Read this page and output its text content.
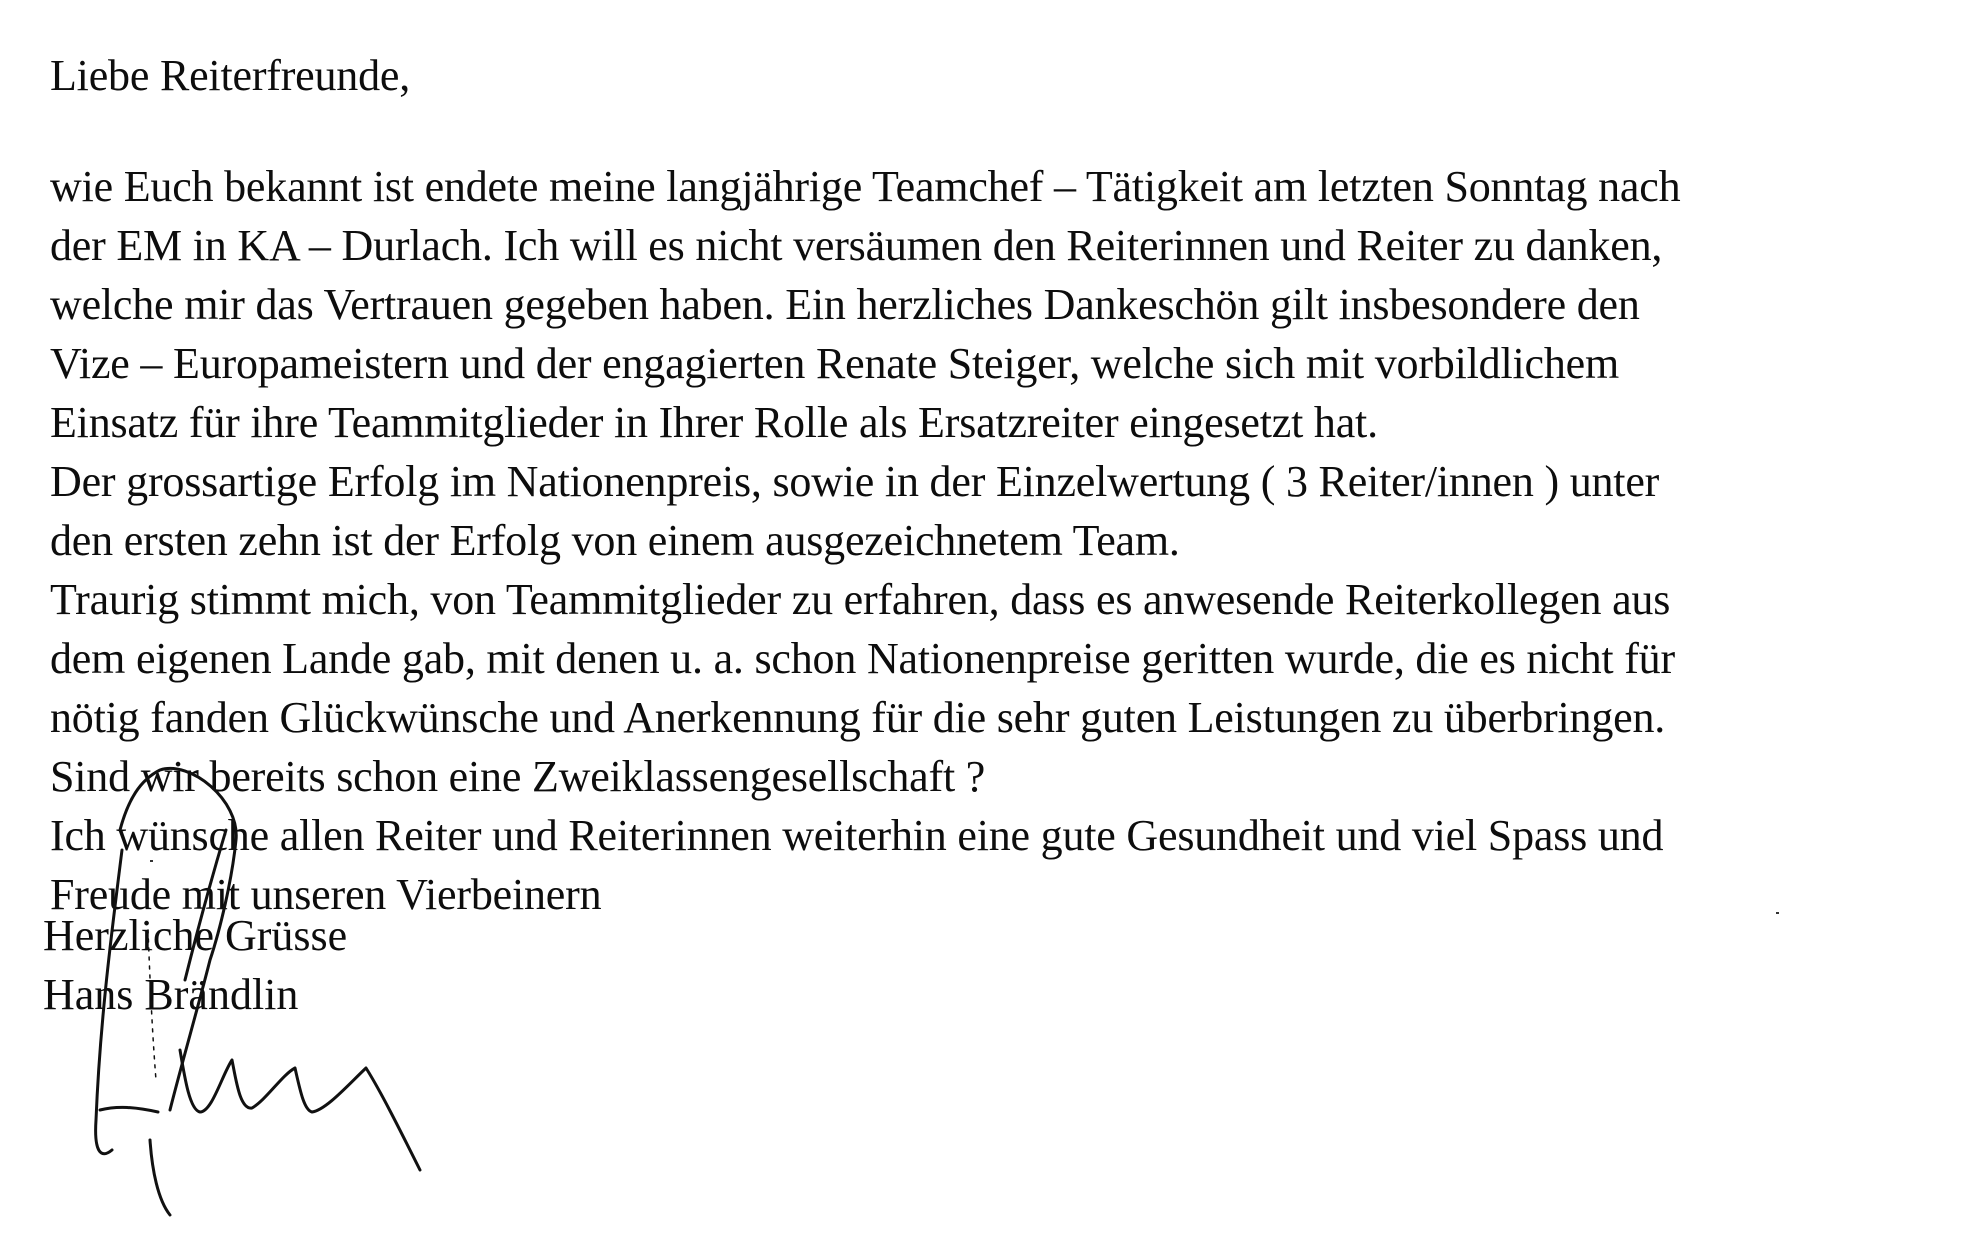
Liebe Reiterfreunde,
wie Euch bekannt ist endete meine langjährige Teamchef – Tätigkeit am letzten Sonntag nach
der EM in KA – Durlach. Ich will es nicht versäumen den Reiterinnen und Reiter zu danken,
welche mir das Vertrauen gegeben haben. Ein herzliches Dankeschön gilt insbesondere den
Vize – Europameistern und der engagierten Renate Steiger, welche sich mit vorbildlichem
Einsatz für ihre Teammitglieder in Ihrer Rolle als Ersatzreiter eingesetzt hat.
Der grossartige Erfolg im Nationenpreis, sowie in der Einzelwertung ( 3 Reiter/innen ) unter
den ersten zehn ist der Erfolg von einem ausgezeichnetem Team.
Traurig stimmt mich, von Teammitglieder zu erfahren, dass es anwesende Reiterkollegen aus
dem eigenen Lande gab, mit denen u. a. schon Nationenpreise geritten wurde, die es nicht für
nötig fanden Glückwünsche und Anerkennung für die sehr guten Leistungen zu überbringen.
Sind wir bereits schon eine Zweiklassengesellschaft ?
Ich wünsche allen Reiter und Reiterinnen weiterhin eine gute Gesundheit und viel Spass und
Freude mit unseren Vierbeinern
Herzliche Grüsse
Hans Brändlin
